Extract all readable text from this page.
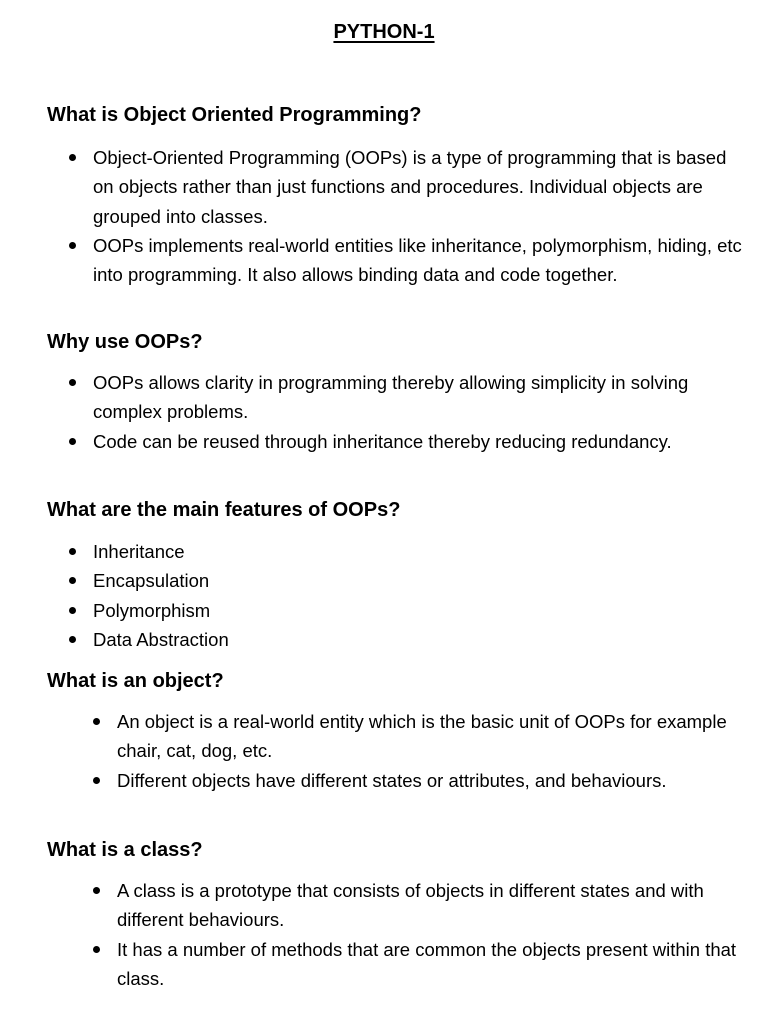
PYTHON-1
What is Object Oriented Programming?
Object-Oriented Programming (OOPs) is a type of programming that is based on objects rather than just functions and procedures. Individual objects are grouped into classes.
OOPs implements real-world entities like inheritance, polymorphism, hiding, etc into programming. It also allows binding data and code together.
Why use OOPs?
OOPs allows clarity in programming thereby allowing simplicity in solving complex problems.
Code can be reused through inheritance thereby reducing redundancy.
What are the main features of OOPs?
Inheritance
Encapsulation
Polymorphism
Data Abstraction
What is an object?
An object is a real-world entity which is the basic unit of OOPs for example chair, cat, dog, etc.
Different objects have different states or attributes, and behaviours.
What is a class?
A class is a prototype that consists of objects in different states and with different behaviours.
It has a number of methods that are common the objects present within that class.
